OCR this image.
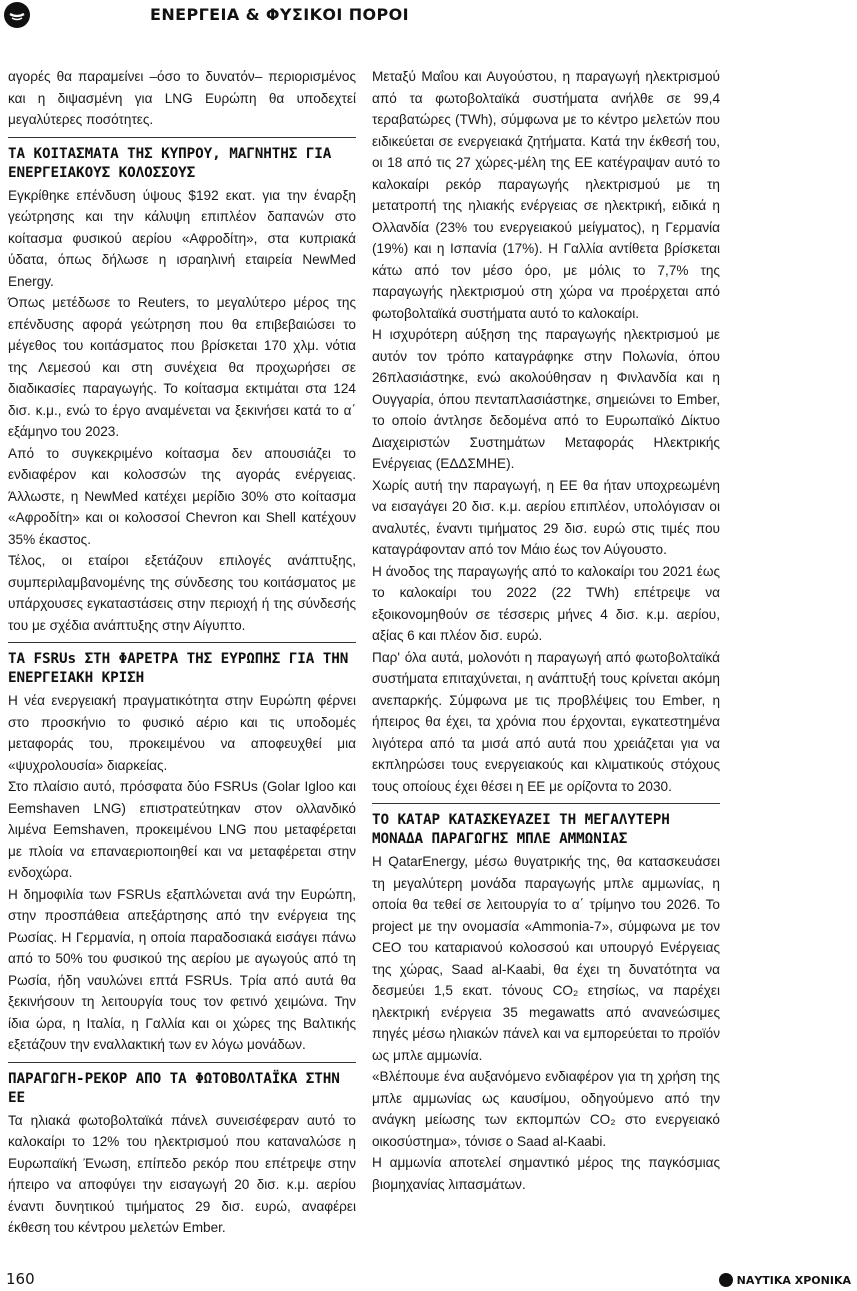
ΕΝΕΡΓΕΙΑ & ΦΥΣΙΚΟΙ ΠΟΡΟΙ

αγορές θα παραμείνει –όσο το δυνατόν– περιορισμένος και η διψασμένη για LNG Ευρώπη θα υποδεχτεί μεγαλύτερες ποσότητες.

ΤΑ ΚΟΙΤΑΣΜΑΤΑ ΤΗΣ ΚΥΠΡΟΥ, ΜΑΓΝΗΤΗΣ ΓΙΑ ΕΝΕΡΓΕΙΑΚΟΥΣ ΚΟΛΟΣΣΟΥΣ

Εγκρίθηκε επένδυση ύψους $192 εκατ. για την έναρξη γεώτρησης και την κάλυψη επιπλέον δαπανών στο κοίτασμα φυσικού αερίου «Αφροδίτη», στα κυπριακά ύδατα, όπως δήλωσε η ισραηλινή εταιρεία NewMed Energy.

Όπως μετέδωσε το Reuters, το μεγαλύτερο μέρος της επένδυσης αφορά γεώτρηση που θα επιβεβαιώσει το μέγεθος του κοιτάσματος που βρίσκεται 170 χλμ. νότια της Λεμεσού και στη συνέχεια θα προχωρήσει σε διαδικασίες παραγωγής. Το κοίτασμα εκτιμάται στα 124 δισ. κ.μ., ενώ το έργο αναμένεται να ξεκινήσει κατά το α΄ εξάμηνο του 2023.

Από το συγκεκριμένο κοίτασμα δεν απουσιάζει το ενδιαφέρον και κολοσσών της αγοράς ενέργειας. Άλλωστε, η NewMed κατέχει μερίδιο 30% στο κοίτασμα «Αφροδίτη» και οι κολοσσοί Chevron και Shell κατέχουν 35% έκαστος.

Τέλος, οι εταίροι εξετάζουν επιλογές ανάπτυξης, συμπεριλαμβανομένης της σύνδεσης του κοιτάσματος με υπάρχουσες εγκαταστάσεις στην περιοχή ή της σύνδεσής του με σχέδια ανάπτυξης στην Αίγυπτο.

ΤΑ FSRUs ΣΤΗ ΦΑΡΕΤΡΑ ΤΗΣ ΕΥΡΩΠΗΣ ΓΙΑ ΤΗΝ ΕΝΕΡΓΕΙΑΚΗ ΚΡΙΣΗ

Η νέα ενεργειακή πραγματικότητα στην Ευρώπη φέρνει στο προσκήνιο το φυσικό αέριο και τις υποδομές μεταφοράς του, προκειμένου να αποφευχθεί μια «ψυχρολουσία» διαρκείας.

Στο πλαίσιο αυτό, πρόσφατα δύο FSRUs (Golar Igloo και Eemshaven LNG) επιστρατεύτηκαν στον ολλανδικό λιμένα Eemshaven, προκειμένου LNG που μεταφέρεται με πλοία να επαναεριοποιηθεί και να μεταφέρεται στην ενδοχώρα.

Η δημοφιλία των FSRUs εξαπλώνεται ανά την Ευρώπη, στην προσπάθεια απεξάρτησης από την ενέργεια της Ρωσίας. Η Γερμανία, η οποία παραδοσιακά εισάγει πάνω από το 50% του φυσικού της αερίου με αγωγούς από τη Ρωσία, ήδη ναυλώνει επτά FSRUs. Τρία από αυτά θα ξεκινήσουν τη λειτουργία τους τον φετινό χειμώνα. Την ίδια ώρα, η Ιταλία, η Γαλλία και οι χώρες της Βαλτικής εξετάζουν την εναλλακτική των εν λόγω μονάδων.

ΠΑΡΑΓΩΓΗ-ΡΕΚΟΡ ΑΠΟ ΤΑ ΦΩΤΟΒΟΛΤΑΪΚΑ ΣΤΗΝ ΕΕ

Τα ηλιακά φωτοβολταϊκά πάνελ συνεισέφεραν αυτό το καλοκαίρι το 12% του ηλεκτρισμού που καταναλώσε η Ευρωπαϊκή Ένωση, επίπεδο ρεκόρ που επέτρεψε στην ήπειρο να αποφύγει την εισαγωγή 20 δισ. κ.μ. αερίου έναντι δυνητικού τιμήματος 29 δισ. ευρώ, αναφέρει έκθεση του κέντρου μελετών Ember.

Μεταξύ Μαΐου και Αυγούστου, η παραγωγή ηλεκτρισμού από τα φωτοβολταϊκά συστήματα ανήλθε σε 99,4 τεραβατώρες (TWh), σύμφωνα με το κέντρο μελετών που ειδικεύεται σε ενεργειακά ζητήματα. Κατά την έκθεσή του, οι 18 από τις 27 χώρες-μέλη της ΕΕ κατέγραψαν αυτό το καλοκαίρι ρεκόρ παραγωγής ηλεκτρισμού με τη μετατροπή της ηλιακής ενέργειας σε ηλεκτρική, ειδικά η Ολλανδία (23% του ενεργειακού μείγματος), η Γερμανία (19%) και η Ισπανία (17%). Η Γαλλία αντίθετα βρίσκεται κάτω από τον μέσο όρο, με μόλις το 7,7% της παραγωγής ηλεκτρισμού στη χώρα να προέρχεται από φωτοβολταϊκά συστήματα αυτό το καλοκαίρι.

Η ισχυρότερη αύξηση της παραγωγής ηλεκτρισμού με αυτόν τον τρόπο καταγράφηκε στην Πολωνία, όπου 26πλασιάστηκε, ενώ ακολούθησαν η Φινλανδία και η Ουγγαρία, όπου πενταπλασιάστηκε, σημειώνει το Ember, το οποίο άντλησε δεδομένα από το Ευρωπαϊκό Δίκτυο Διαχειριστών Συστημάτων Μεταφοράς Ηλεκτρικής Ενέργειας (ΕΔΔΣΜΗΕ).

Χωρίς αυτή την παραγωγή, η ΕΕ θα ήταν υποχρεωμένη να εισαγάγει 20 δισ. κ.μ. αερίου επιπλέον, υπολόγισαν οι αναλυτές, έναντι τιμήματος 29 δισ. ευρώ στις τιμές που καταγράφονταν από τον Μάιο έως τον Αύγουστο.

Η άνοδος της παραγωγής από το καλοκαίρι του 2021 έως το καλοκαίρι του 2022 (22 TWh) επέτρεψε να εξοικονομηθούν σε τέσσερις μήνες 4 δισ. κ.μ. αερίου, αξίας 6 και πλέον δισ. ευρώ.

Παρ' όλα αυτά, μολονότι η παραγωγή από φωτοβολταϊκά συστήματα επιταχύνεται, η ανάπτυξή τους κρίνεται ακόμη ανεπαρκής. Σύμφωνα με τις προβλέψεις του Ember, η ήπειρος θα έχει, τα χρόνια που έρχονται, εγκατεστημένα λιγότερα από τα μισά από αυτά που χρειάζεται για να εκπληρώσει τους ενεργειακούς και κλιματικούς στόχους τους οποίους έχει θέσει η ΕΕ με ορίζοντα το 2030.

ΤΟ ΚΑΤΑΡ ΚΑΤΑΣΚΕΥΑΖΕΙ ΤΗ ΜΕΓΑΛΥΤΕΡΗ ΜΟΝΑΔΑ ΠΑΡΑΓΩΓΗΣ ΜΠΛΕ ΑΜΜΩΝΙΑΣ

Η QatarEnergy, μέσω θυγατρικής της, θα κατασκευάσει τη μεγαλύτερη μονάδα παραγωγής μπλε αμμωνίας, η οποία θα τεθεί σε λειτουργία το α΄ τρίμηνο του 2026. Το project με την ονομασία «Ammonia-7», σύμφωνα με τον CEO του καταριανού κολοσσού και υπουργό Ενέργειας της χώρας, Saad al-Kaabi, θα έχει τη δυνατότητα να δεσμεύει 1,5 εκατ. τόνους CO₂ ετησίως, να παρέχει ηλεκτρική ενέργεια 35 megawatts από ανανεώσιμες πηγές μέσω ηλιακών πάνελ και να εμπορεύεται το προϊόν ως μπλε αμμωνία.

«Βλέπουμε ένα αυξανόμενο ενδιαφέρον για τη χρήση της μπλε αμμωνίας ως καυσίμου, οδηγούμενο από την ανάγκη μείωσης των εκπομπών CO₂ στο ενεργειακό οικοσύστημα», τόνισε ο Saad al-Kaabi.

Η αμμωνία αποτελεί σημαντικό μέρος της παγκόσμιας βιομηχανίας λιπασμάτων.

160	ΝΑΥΤΙΚΑ ΧΡΟΝΙΚΑ
